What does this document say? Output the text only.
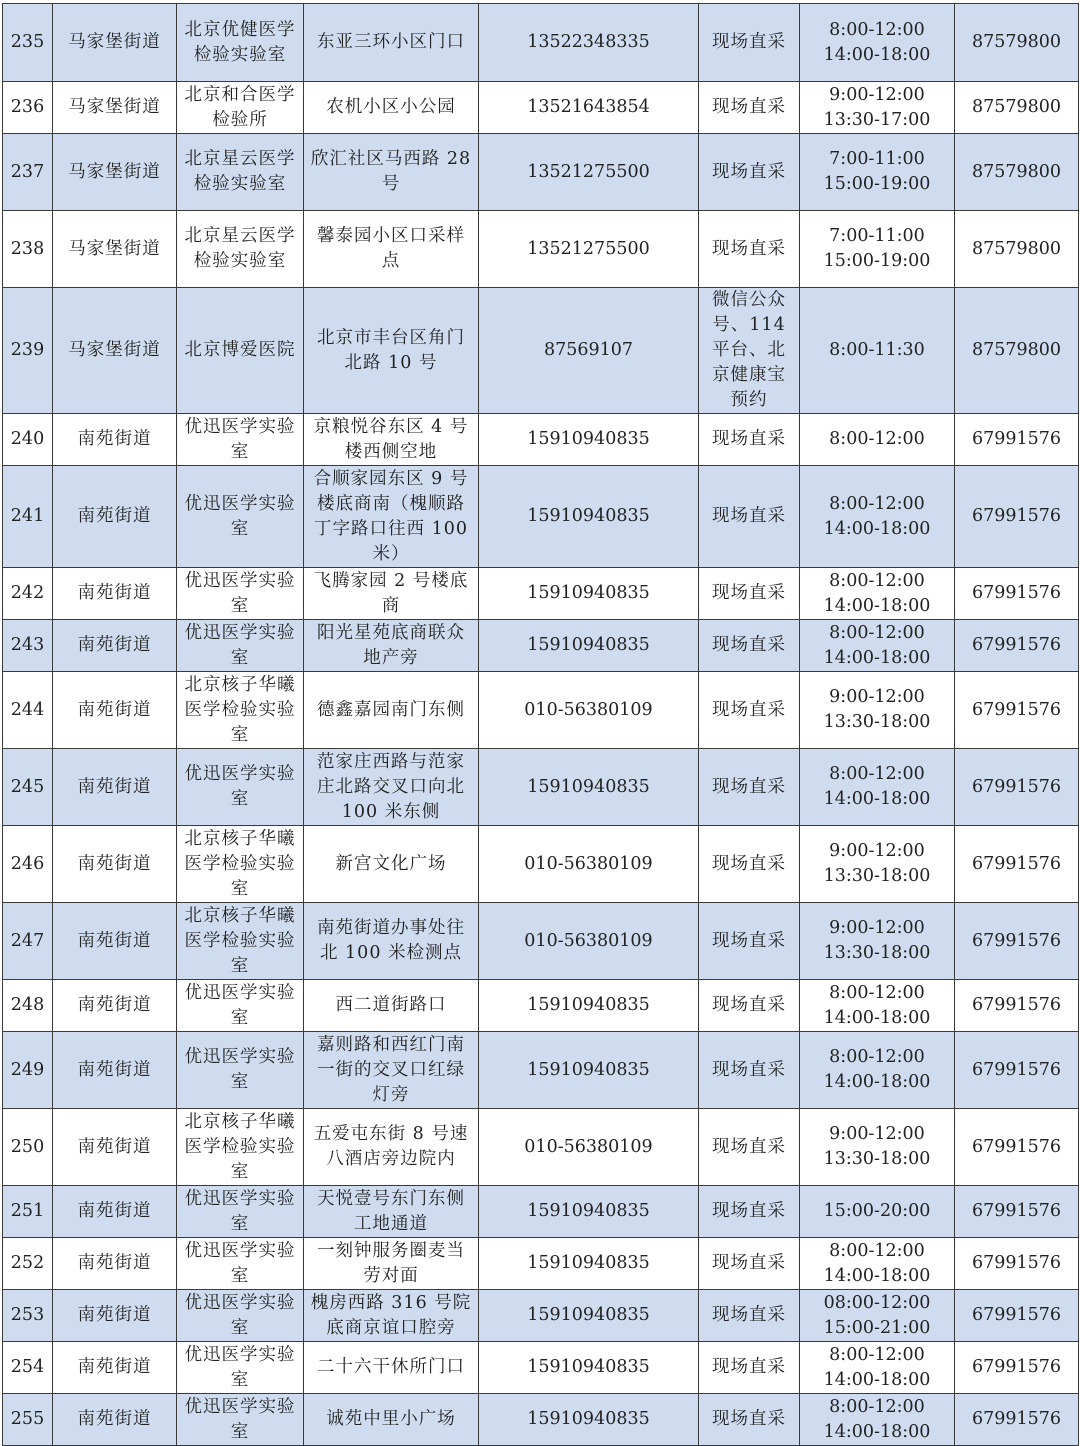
235	马家堡街道	北京优健医学检验实验室	东亚三环小区门口	13522348335	现场直采	8:00-12:00
14:00-18:00	87579800
236	马家堡街道	北京和合医学检验所	农机小区小公园	13521643854	现场直采	9:00-12:00
13:30-17:00	87579800
237	马家堡街道	北京星云医学检验实验室	欣汇社区马西路 28 号	13521275500	现场直采	7:00-11:00
15:00-19:00	87579800
238	马家堡街道	北京星云医学检验实验室	馨泰园小区口采样点	13521275500	现场直采	7:00-11:00
15:00-19:00	87579800
239	马家堡街道	北京博爱医院	北京市丰台区角门北路 10 号	87569107	微信公众号、114 平台、北京健康宝预约	8:00-11:30	87579800
240	南苑街道	优迅医学实验室	京粮悦谷东区 4 号楼西侧空地	15910940835	现场直采	8:00-12:00	67991576
241	南苑街道	优迅医学实验室	合顺家园东区 9 号楼底商南（槐顺路丁字路口往西 100 米）	15910940835	现场直采	8:00-12:00
14:00-18:00	67991576
242	南苑街道	优迅医学实验室	飞腾家园 2 号楼底商	15910940835	现场直采	8:00-12:00
14:00-18:00	67991576
243	南苑街道	优迅医学实验室	阳光星苑底商联众地产旁	15910940835	现场直采	8:00-12:00
14:00-18:00	67991576
244	南苑街道	北京核子华曦医学检验实验室	德鑫嘉园南门东侧	010-56380109	现场直采	9:00-12:00
13:30-18:00	67991576
245	南苑街道	优迅医学实验室	范家庄西路与范家庄北路交叉口向北 100 米东侧	15910940835	现场直采	8:00-12:00
14:00-18:00	67991576
246	南苑街道	北京核子华曦医学检验实验室	新宫文化广场	010-56380109	现场直采	9:00-12:00
13:30-18:00	67991576
247	南苑街道	北京核子华曦医学检验实验室	南苑街道办事处往北 100 米检测点	010-56380109	现场直采	9:00-12:00
13:30-18:00	67991576
248	南苑街道	优迅医学实验室	西二道街路口	15910940835	现场直采	8:00-12:00
14:00-18:00	67991576
249	南苑街道	优迅医学实验室	嘉则路和西红门南一街的交叉口红绿灯旁	15910940835	现场直采	8:00-12:00
14:00-18:00	67991576
250	南苑街道	北京核子华曦医学检验实验室	五爱屯东街 8 号速八酒店旁边院内	010-56380109	现场直采	9:00-12:00
13:30-18:00	67991576
251	南苑街道	优迅医学实验室	天悦壹号东门东侧工地通道	15910940835	现场直采	15:00-20:00	67991576
252	南苑街道	优迅医学实验室	一刻钟服务圈麦当劳对面	15910940835	现场直采	8:00-12:00
14:00-18:00	67991576
253	南苑街道	优迅医学实验室	槐房西路 316 号院底商京谊口腔旁	15910940835	现场直采	08:00-12:00
15:00-21:00	67991576
254	南苑街道	优迅医学实验室	二十六干休所门口	15910940835	现场直采	8:00-12:00
14:00-18:00	67991576
255	南苑街道	优迅医学实验室	诚苑中里小广场	15910940835	现场直采	8:00-12:00
14:00-18:00	67991576
